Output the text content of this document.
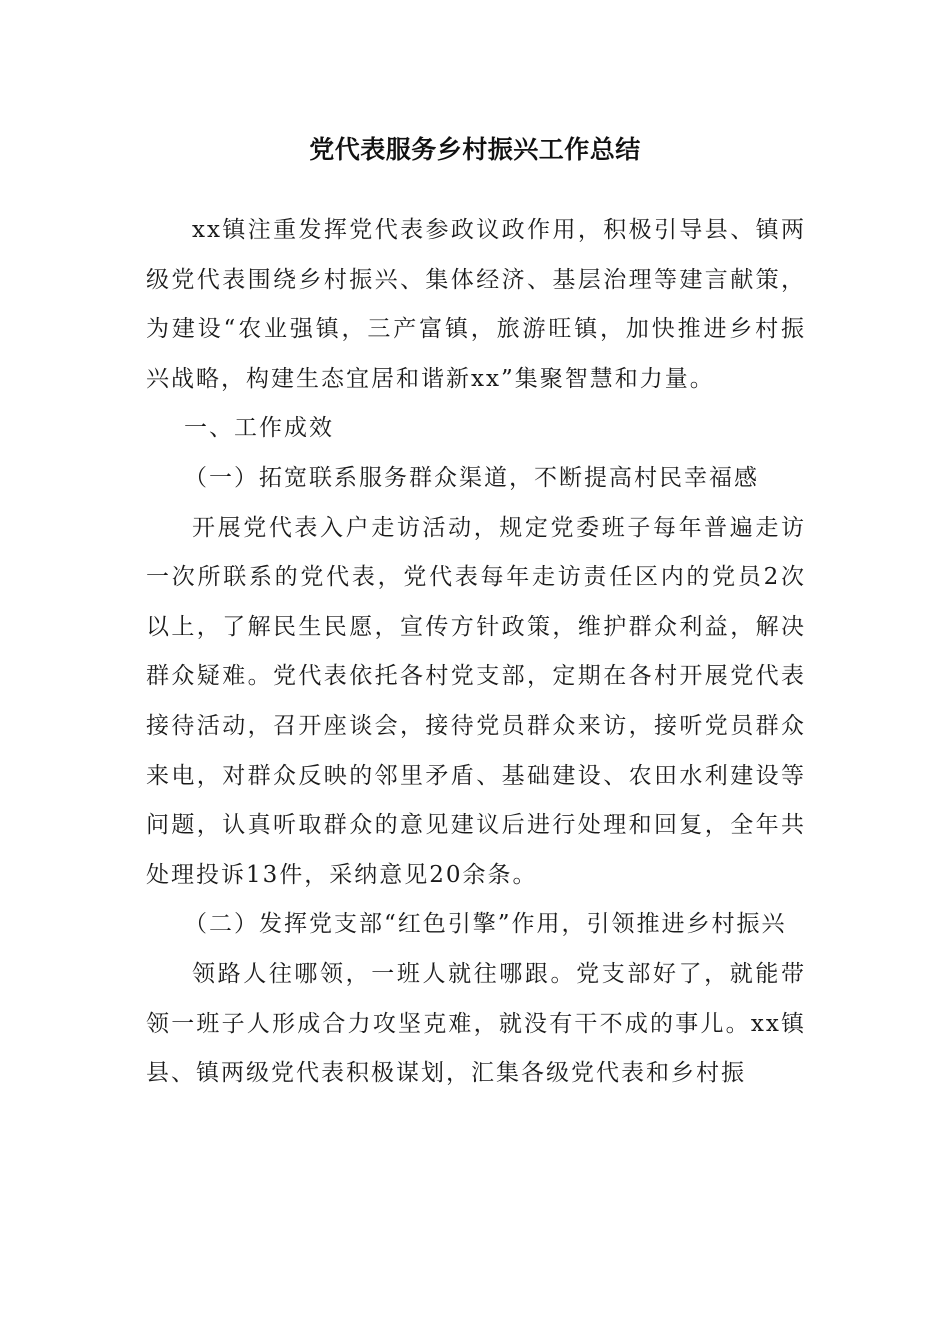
党代表服务乡村振兴工作总结

xx镇注重发挥党代表参政议政作用，积极引导县、镇两级党代表围绕乡村振兴、集体经济、基层治理等建言献策，为建设“农业强镇，三产富镇，旅游旺镇，加快推进乡村振兴战略，构建生态宜居和谐新xx”集聚智慧和力量。

一、工作成效

（一）拓宽联系服务群众渠道，不断提高村民幸福感

开展党代表入户走访活动，规定党委班子每年普遍走访一次所联系的党代表，党代表每年走访责任区内的党员2次以上，了解民生民愿，宣传方针政策，维护群众利益，解决群众疑难。党代表依托各村党支部，定期在各村开展党代表接待活动，召开座谈会，接待党员群众来访，接听党员群众来电，对群众反映的邻里矛盾、基础建设、农田水利建设等问题，认真听取群众的意见建议后进行处理和回复，全年共处理投诉13件，采纳意见20余条。

（二）发挥党支部“红色引擎”作用，引领推进乡村振兴

领路人往哪领，一班人就往哪跟。党支部好了，就能带领一班子人形成合力攻坚克难，就没有干不成的事儿。xx镇县、镇两级党代表积极谋划，汇集各级党代表和乡村振
